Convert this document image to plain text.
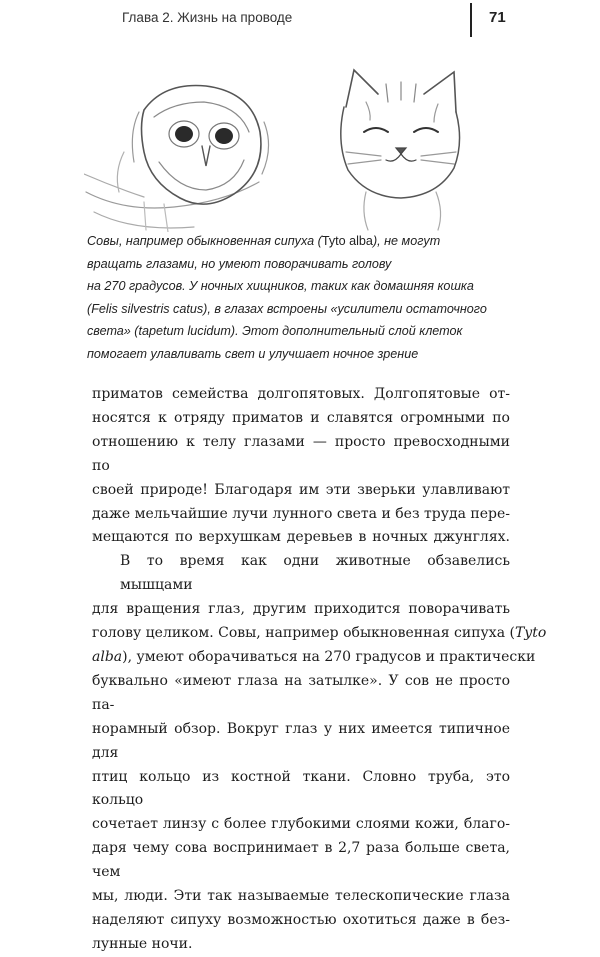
Глава 2. Жизнь на проводе	71

Совы, например обыкновенная сипуха (Tyto alba), не могут

вращать глазами, но умеют поворачивать голову

на 270 градусов. У ночных хищников, таких как домашняя кошка

(Felis silvestris catus), в глазах встроены «усилители остаточного

света» (tapetum lucidum). Этот дополнительный слой клеток

помогает улавливать свет и улучшает ночное зрение

приматов семейства долгопятовых. Долгопятовые от-

носятся к отряду приматов и славятся огромными по

отношению к телу глазами — просто превосходными по

своей природе! Благодаря им эти зверьки улавливают

даже мельчайшие лучи лунного света и без труда пере-

мещаются по верхушкам деревьев в ночных джунглях.

В то время как одни животные обзавелись мышцами

для вращения глаз, другим приходится поворачивать

голову целиком. Совы, например обыкновенная сипуха (Tyto

alba), умеют оборачиваться на 270 градусов и практически

буквально «имеют глаза на затылке». У сов не просто па-

норамный обзор. Вокруг глаз у них имеется типичное для

птиц кольцо из костной ткани. Словно труба, это кольцо

сочетает линзу с более глубокими слоями кожи, благо-

даря чему сова воспринимает в 2,7 раза больше света, чем

мы, люди. Эти так называемые телескопические глаза

наделяют сипуху возможностью охотиться даже в без-

лунные ночи.
